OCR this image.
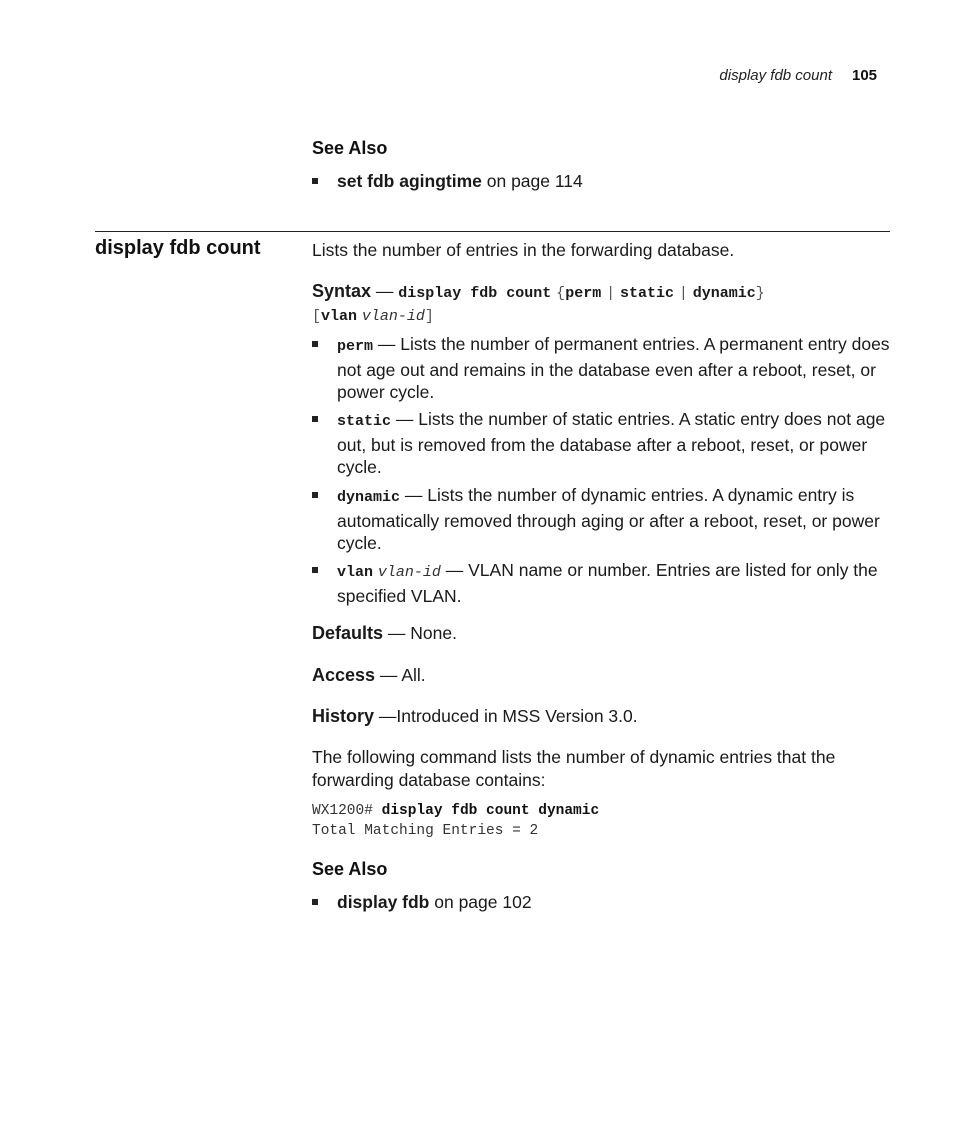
display fdb count 105
See Also
set fdb agingtime on page 114
display fdb count	Lists the number of entries in the forwarding database.
Syntax — display fdb count {perm | static | dynamic}
[vlan vlan-id]
perm — Lists the number of permanent entries. A permanent entry does not age out and remains in the database even after a reboot, reset, or power cycle.
static — Lists the number of static entries. A static entry does not age out, but is removed from the database after a reboot, reset, or power cycle.
dynamic — Lists the number of dynamic entries. A dynamic entry is automatically removed through aging or after a reboot, reset, or power cycle.
vlan vlan-id — VLAN name or number. Entries are listed for only the specified VLAN.
Defaults — None.
Access — All.
History —Introduced in MSS Version 3.0.
The following command lists the number of dynamic entries that the forwarding database contains:
WX1200# display fdb count dynamic
Total Matching Entries = 2
See Also
display fdb on page 102
